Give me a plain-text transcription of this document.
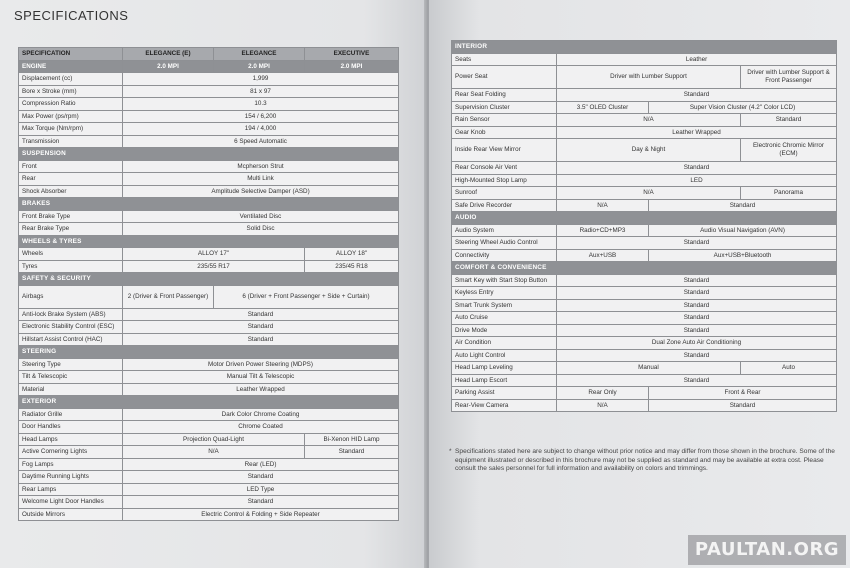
SPECIFICATIONS
SPECIFICATION	ELEGANCE (E)	ELEGANCE	EXECUTIVE
ENGINE	2.0 MPI	2.0 MPI	2.0 MPI
Displacement (cc)	1,999		
Bore x Stroke (mm)	81 x 97		
Compression Ratio	10.3		
Max Power (ps/rpm)	154 / 6,200		
Max Torque (Nm/rpm)	194 / 4,000		
Transmission	6 Speed Automatic		
SUSPENSION			
Front	Mcpherson Strut		
Rear	Multi Link		
Shock Absorber	Amplitude Selective Damper (ASD)		
BRAKES			
Front Brake Type	Ventilated Disc		
Rear Brake Type	Solid Disc		
WHEELS & TYRES			
Wheels	ALLOY 17"		ALLOY 18"
Tyres	235/55 R17		235/45 R18
SAFETY & SECURITY			
Airbags	2 (Driver & Front Passenger)	6 (Driver + Front Passenger + Side + Curtain)	
Anti-lock Brake System (ABS)	Standard		
Electronic Stability Control (ESC)	Standard		
Hillstart Assist Control (HAC)	Standard		
STEERING			
Steering Type	Motor Driven Power Steering (MDPS)		
Tilt & Telescopic	Manual Tilt & Telescopic		
Material	Leather Wrapped		
EXTERIOR			
Radiator Grille	Dark Color Chrome Coating		
Door Handles	Chrome Coated		
Head Lamps	Projection Quad-Light		Bi-Xenon HID Lamp
Active Cornering Lights	N/A		Standard
Fog Lamps	Rear (LED)		
Daytime Running Lights	Standard		
Rear Lamps	LED Type		
Welcome Light Door Handles	Standard		
Outside Mirrors	Electric Control & Folding + Side Repeater		
INTERIOR			
Seats	Leather		
Power Seat	Driver with Lumber Support		Driver with Lumber Support & Front Passenger
Rear Seat Folding	Standard		
Supervision Cluster	3.5" OLED Cluster	Super Vision Cluster (4.2" Color LCD)	
Rain Sensor	N/A		Standard
Gear Knob	Leather Wrapped		
Inside Rear View Mirror	Day & Night		Electronic Chromic Mirror (ECM)
Rear Console Air Vent	Standard		
High-Mounted Stop Lamp	LED		
Sunroof	N/A		Panorama
Safe Drive Recorder	N/A	Standard	
AUDIO			
Audio System	Radio+CD+MP3	Audio Visual Navigation (AVN)	
Steering Wheel Audio Control	Standard		
Connectivity	Aux+USB	Aux+USB+Bluetooth	
COMFORT & CONVENIENCE			
Smart Key with Start Stop Button	Standard		
Keyless Entry	Standard		
Smart Trunk System	Standard		
Auto Cruise	Standard		
Drive Mode	Standard		
Air Condition	Dual Zone Auto Air Conditioning		
Auto Light Control	Standard		
Head Lamp Leveling	Manual		Auto
Head Lamp Escort	Standard		
Parking Assist	Rear Only	Front & Rear	
Rear-View Camera	N/A	Standard	
* Specifications stated here are subject to change without prior notice and may differ from those shown in the brochure. Some of the equipment illustrated or described in this brochure may not be supplied as standard and may be available at extra cost. Please consult the sales personnel for full information and availability on colors and trimmings.
PAULTAN.ORG
